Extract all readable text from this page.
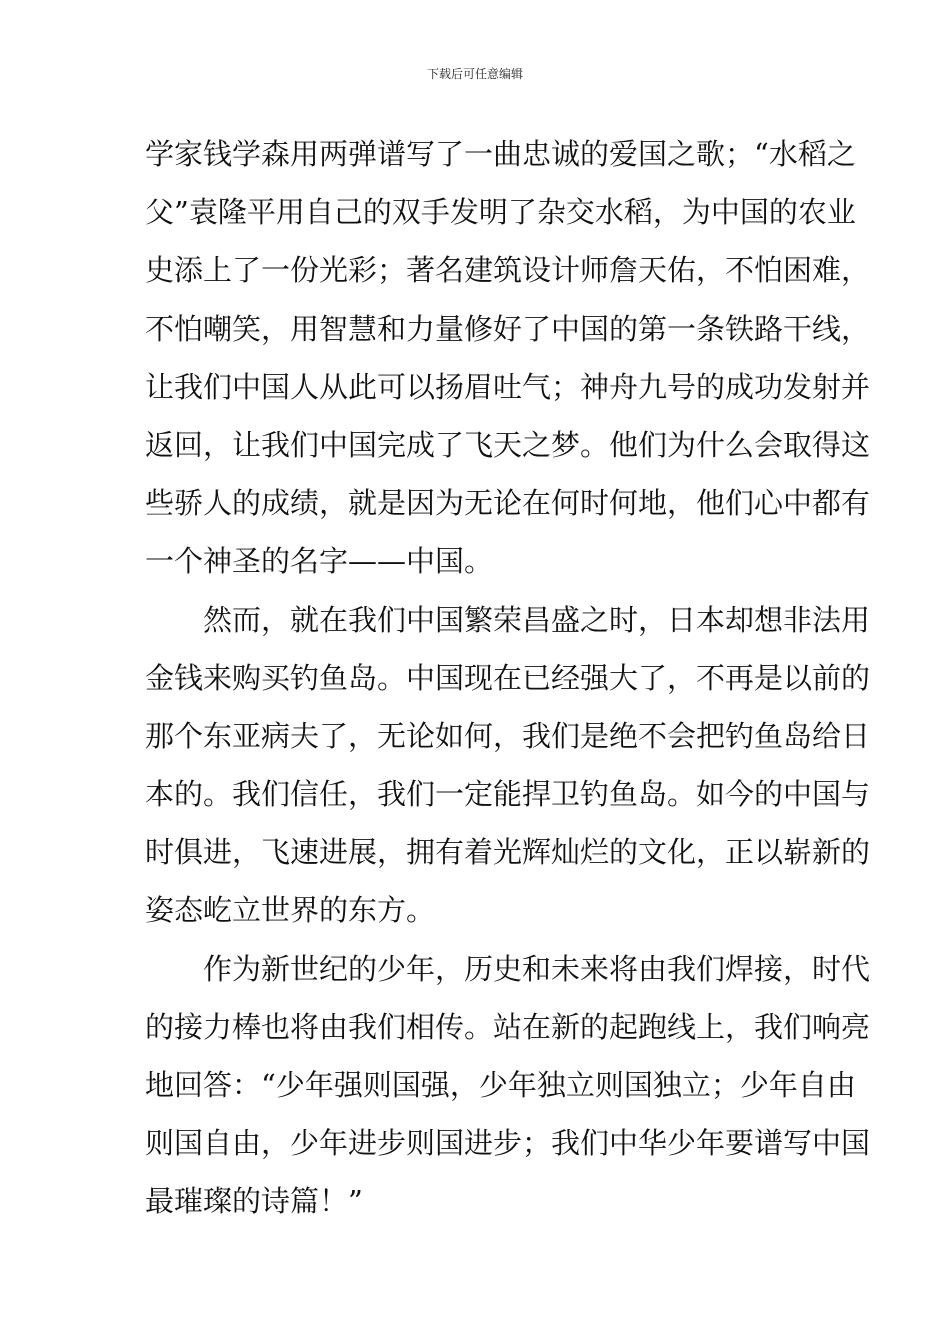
下载后可任意编辑
学家钱学森用两弹谱写了一曲忠诚的爱国之歌；“水稻之
父”袁隆平用自己的双手发明了杂交水稻，为中国的农业
史添上了一份光彩；著名建筑设计师詹天佑，不怕困难，
不怕嘲笑，用智慧和力量修好了中国的第一条铁路干线，
让我们中国人从此可以扬眉吐气；神舟九号的成功发射并
返回，让我们中国完成了飞天之梦。他们为什么会取得这
些骄人的成绩，就是因为无论在何时何地，他们心中都有
一个神圣的名字——中国。
然而，就在我们中国繁荣昌盛之时，日本却想非法用
金钱来购买钓鱼岛。中国现在已经强大了，不再是以前的
那个东亚病夫了，无论如何，我们是绝不会把钓鱼岛给日
本的。我们信任，我们一定能捍卫钓鱼岛。如今的中国与
时俱进，飞速进展，拥有着光辉灿烂的文化，正以崭新的
姿态屹立世界的东方。
作为新世纪的少年，历史和未来将由我们焊接，时代
的接力棒也将由我们相传。站在新的起跑线上，我们响亮
地回答：“少年强则国强，少年独立则国独立；少年自由
则国自由，少年进步则国进步；我们中华少年要谱写中国
最璀璨的诗篇！”
